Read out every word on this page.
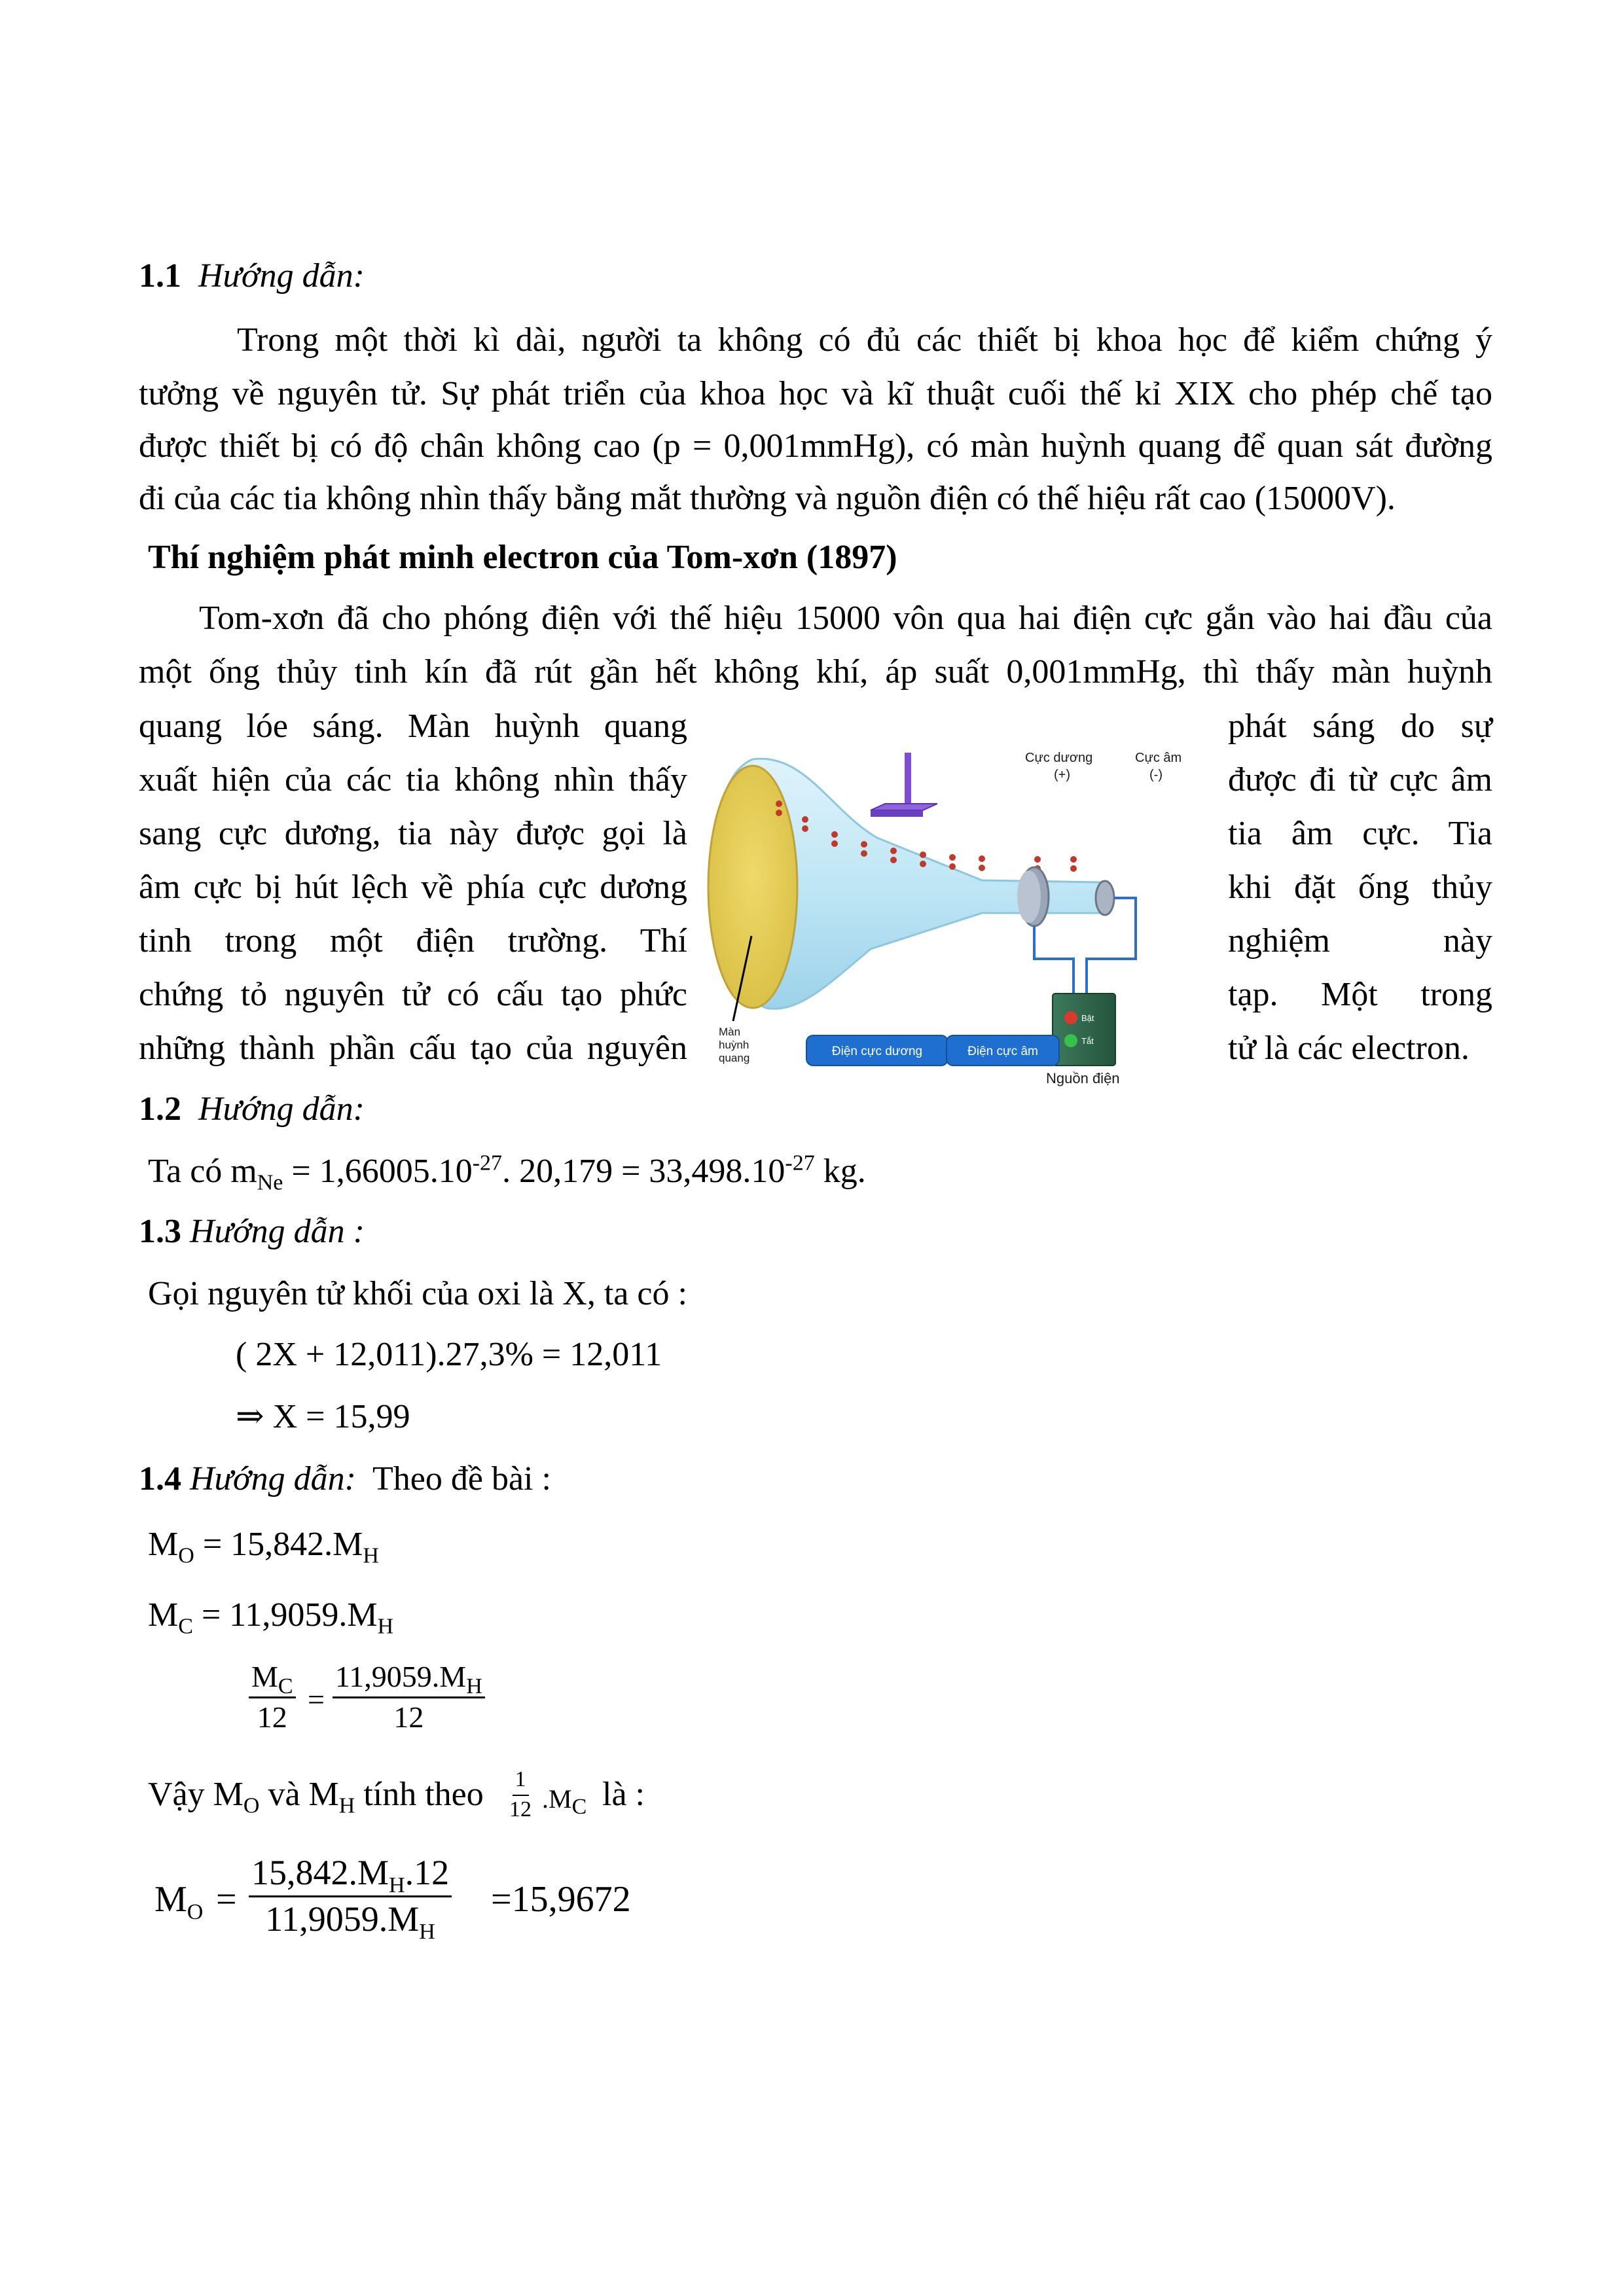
1.1 Hướng dẫn:
Trong một thời kì dài, người ta không có đủ các thiết bị khoa học để kiểm chứng ý
tưởng về nguyên tử. Sự phát triển của khoa học và kĩ thuật cuối thế kỉ XIX cho phép chế tạo
được thiết bị có độ chân không cao (p = 0,001mmHg), có màn huỳnh quang để quan sát đường
đi của các tia không nhìn thấy bằng mắt thường và nguồn điện có thế hiệu rất cao (15000V).
Thí nghiệm phát minh electron của Tom-xơn (1897)
Tom-xơn đã cho phóng điện với thế hiệu 15000 vôn qua hai điện cực gắn vào hai đầu của
một ống thủy tinh kín đã rút gần hết không khí, áp suất 0,001mmHg, thì thấy màn huỳnh
quang lóe sáng. Màn huỳnh quang
xuất hiện của các tia không nhìn thấy
sang cực dương, tia này được gọi là
âm cực bị hút lệch về phía cực dương
tinh trong một điện trường. Thí
chứng tỏ nguyên tử có cấu tạo phức
những thành phần cấu tạo của nguyên
phát sáng do sự
được đi từ cực âm
tia âm cực. Tia
khi đặt ống thủy
nghiệm này
tạp. Một trong
tử là các electron.
Bật
Tắt
Cực dương
(+)
Cực âm
(-)
Nguồn điện
Màn
huỳnh
quang	Điện cực dương	Điện cực âm
1.2 Hướng dẫn:
Ta có $m_{Ne} = 1,66005.10^{-27}$. $20,179 = 33,498.10^{-27}$ kg.
1.3 Hướng dẫn :
Gọi nguyên tử khối của oxi là X, ta có :
( 2X + 12,011).27,3% = 12,011
⇒ X = 15,99
1.4 Hướng dẫn: Theo đề bài :
$M_O = 15,842.M_H$
$M_C = 11,9059.M_H$
$\frac{M_C}{12} = \frac{11,9059.M_H}{12}$
Vậy $M_O$ và $M_H$ tính theo $\frac{1}{12} .M_C$ là :
$M_O = \frac{15,842.M_H.12}{11,9059.M_H} =15,9672$
